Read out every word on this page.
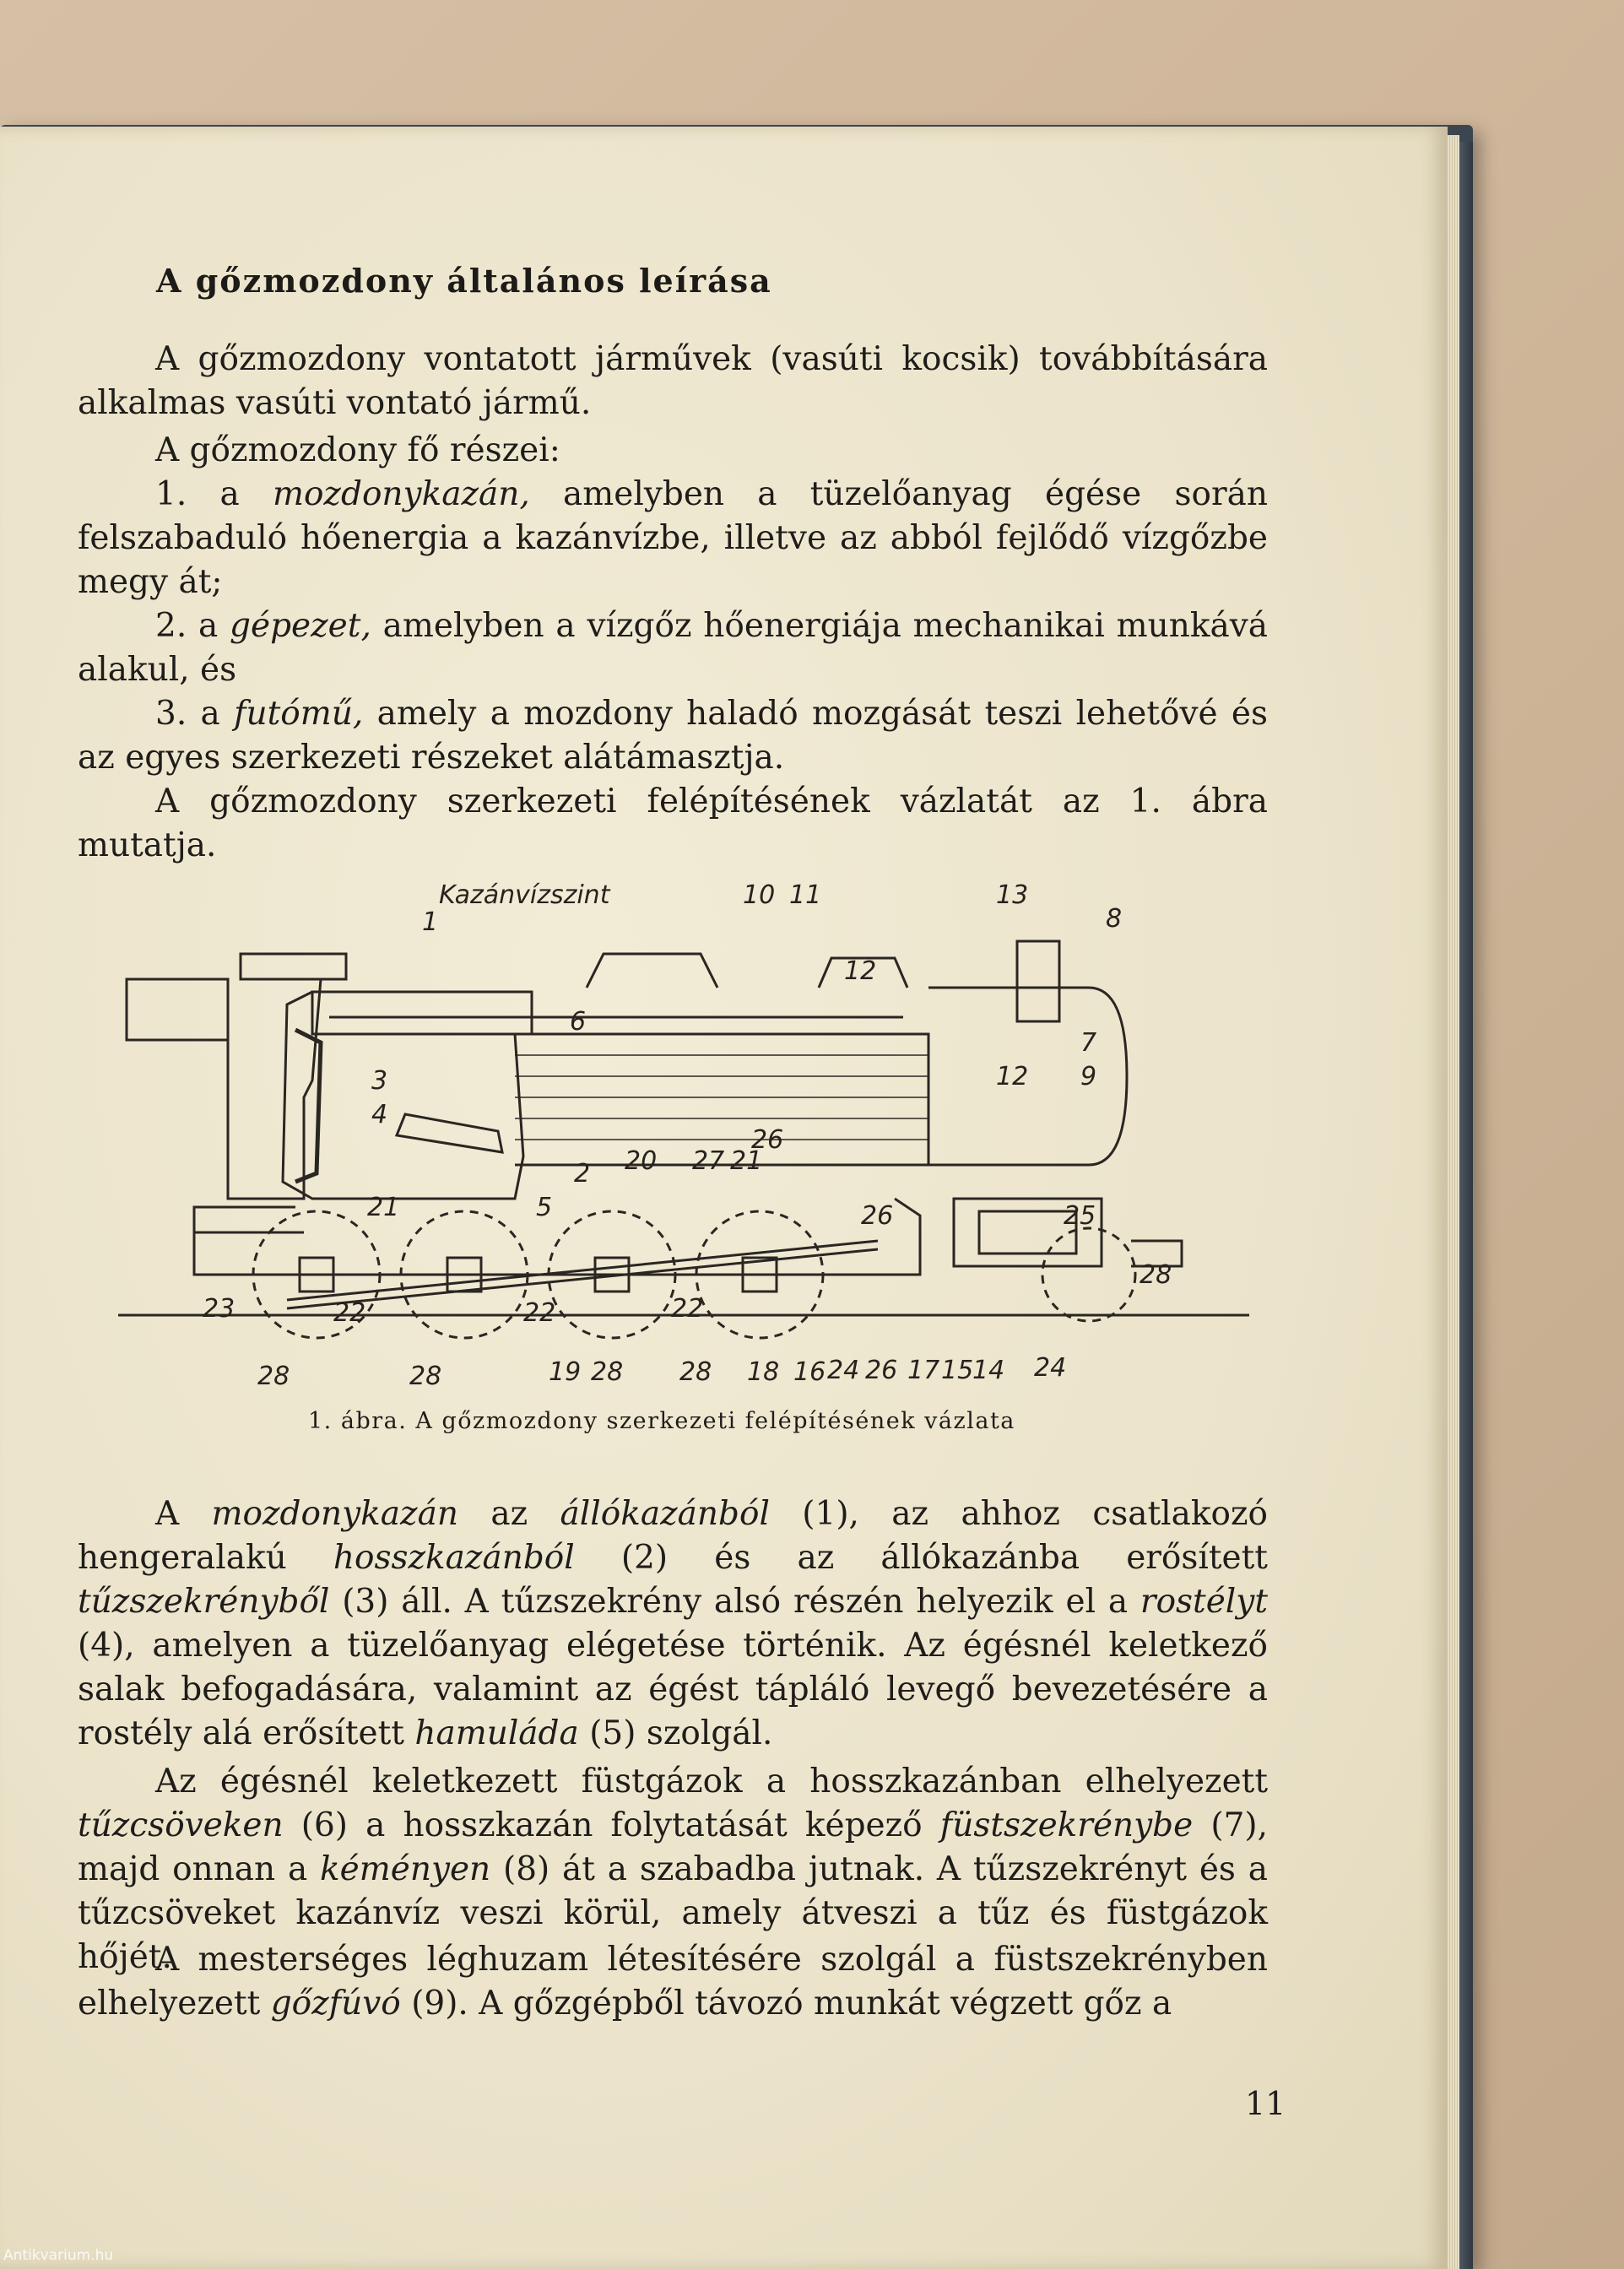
A gőzmozdony általános leírása

A gőzmozdony vontatott járművek (vasúti kocsik) továbbítására alkalmas vasúti vontató jármű.

A gőzmozdony fő részei:

1. a mozdonykazán, amelyben a tüzelőanyag égése során felszabaduló hőenergia a kazánvízbe, illetve az abból fejlődő vízgőzbe megy át;

2. a gépezet, amelyben a vízgőz hőenergiája mechanikai munkává alakul, és

3. a futómű, amely a mozdony haladó mozgását teszi lehetővé és az egyes szerkezeti részeket alátámasztja.

A gőzmozdony szerkezeti felépítésének vázlatát az 1. ábra mutatja.

Kazánvízszint
1
10 11	13
8
12
6
7
3
4
12 9
2 20 27 21
26
25
21	5	26
23	22	22	22
28
28	28	19 28 28 18 16 24 26 17 15
14 24

1. ábra. A gőzmozdony szerkezeti felépítésének vázlata

A mozdonykazán az állókazánból (1), az ahhoz csatlakozó hengeralakú hosszkazánból (2) és az állókazánba erősített tűzszekrényből (3) áll. A tűzszekrény alsó részén helyezik el a rostélyt (4), amelyen a tüzelőanyag elégetése történik. Az égésnél keletkező salak befogadására, valamint az égést tápláló levegő bevezetésére a rostély alá erősített hamuláda (5) szolgál.

Az égésnél keletkezett füstgázok a hosszkazánban elhelyezett tűzcsöveken (6) a hosszkazán folytatását képező füstszekrénybe (7), majd onnan a kéményen (8) át a szabadba jutnak. A tűzszekrényt és a tűzcsöveket kazánvíz veszi körül, amely átveszi a tűz és füstgázok hőjét.

A mesterséges léghuzam létesítésére szolgál a füstszekrényben elhelyezett gőzfúvó (9). A gőzgépből távozó munkát végzett gőz a

11

Antikvarium.hu
